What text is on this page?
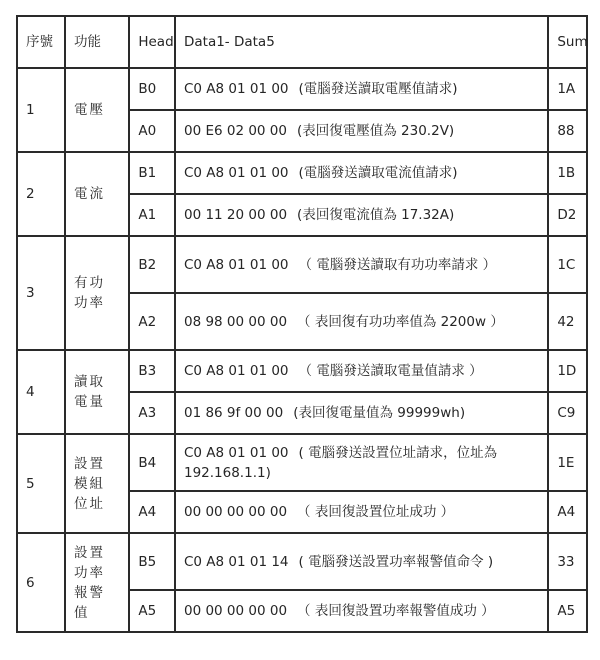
序號	功能	Head	Data1- Data5	Sum
1	電壓	B0	C0 A8 01 01 00 (電腦發送讀取電壓值請求)	1A
		A0	00 E6 02 00 00 (表回復電壓值為 230.2V)	88
2	電流	B1	C0 A8 01 01 00 (電腦發送讀取電流值請求)	1B
		A1	00 11 20 00 00 (表回復電流值為 17.32A)	D2
3	有功功率	B2	C0 A8 01 01 00 （ 電腦發送讀取有功功率請求 ）	1C
		A2	08 98 00 00 00 （ 表回復有功功率值為 2200w ）	42
4	讀取電量	B3	C0 A8 01 01 00 （ 電腦發送讀取電量值請求 ）	1D
		A3	01 86 9f 00 00 (表回復電量值為 99999wh)	C9
5	設置模組位址	B4	C0 A8 01 01 00 ( 電腦發送設置位址請求，位址為 192.168.1.1)	1E
		A4	00 00 00 00 00 （ 表回復設置位址成功 ）	A4
6	設置功率報警值	B5	C0 A8 01 01 14 ( 電腦發送設置功率報警值命令 )	33
		A5	00 00 00 00 00 （ 表回復設置功率報警值成功 ）	A5
